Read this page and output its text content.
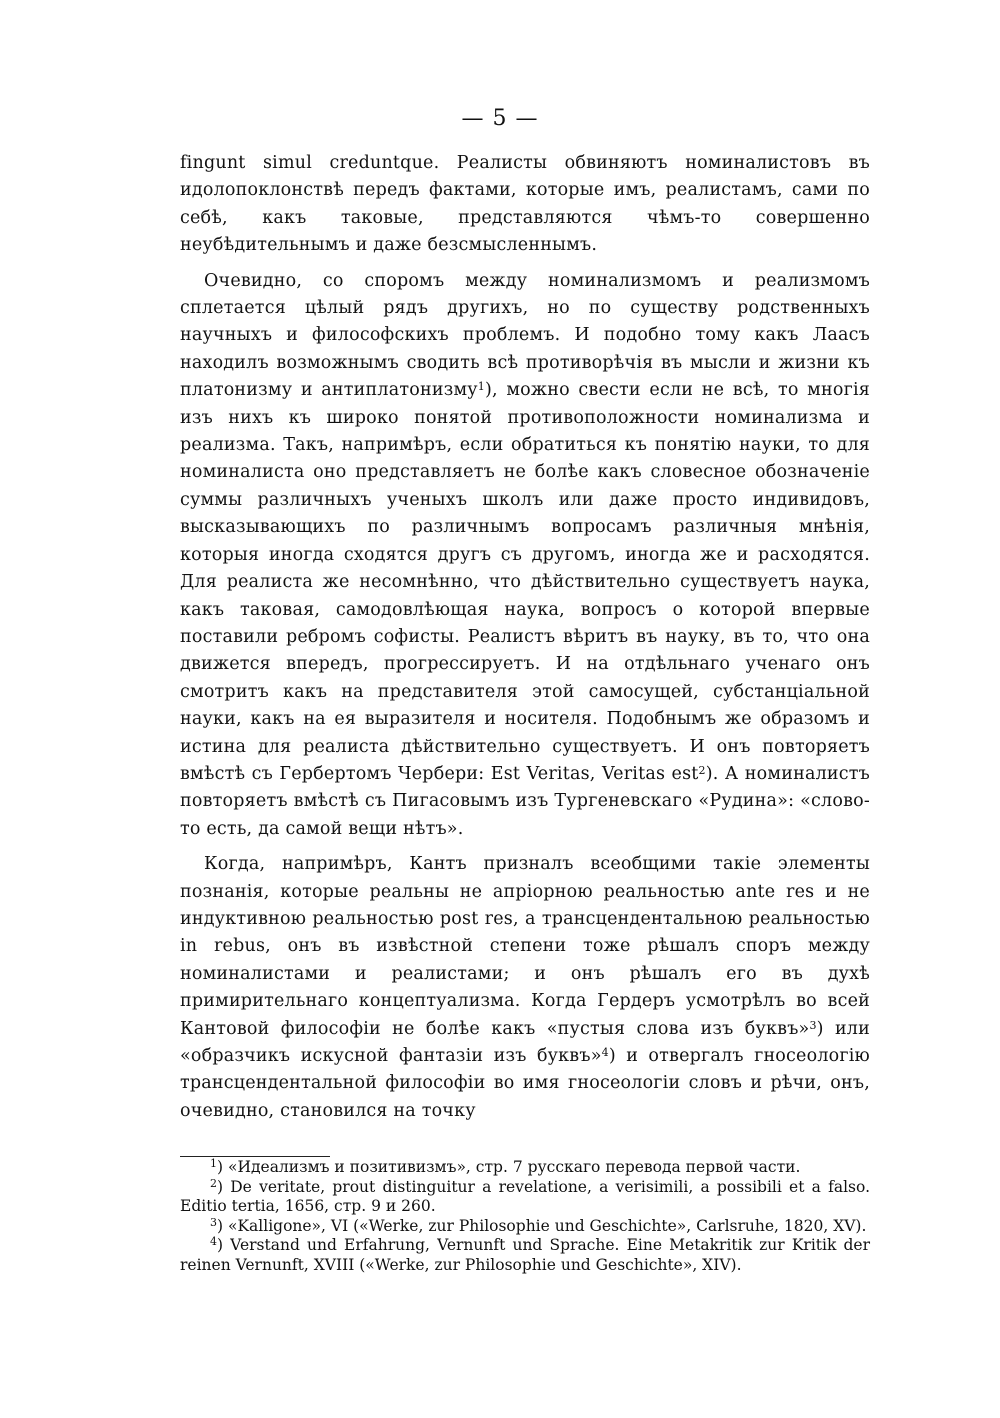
— 5 —

fingunt simul creduntque. Реалисты обвиняютъ номиналистовъ въ идолопоклонствѣ передъ фактами, которые имъ, реалистамъ, сами по себѣ, какъ таковые, представляются чѣмъ-то совершенно неубѣдительнымъ и даже безсмысленнымъ.

Очевидно, со споромъ между номинализмомъ и реализмомъ сплетается цѣлый рядъ другихъ, но по существу родственныхъ научныхъ и философскихъ проблемъ. И подобно тому какъ Лаасъ находилъ возможнымъ сводить всѣ противорѣчія въ мысли и жизни къ платонизму и антиплатонизму$^1$), можно свести если не всѣ, то многія изъ нихъ къ широко понятой противоположности номинализма и реализма. Такъ, напримѣръ, если обратиться къ понятію науки, то для номиналиста оно представляетъ не болѣе какъ словесное обозначеніе суммы различныхъ ученыхъ школъ или даже просто индивидовъ, высказывающихъ по различнымъ вопросамъ различныя мнѣнія, которыя иногда сходятся другъ съ другомъ, иногда же и расходятся. Для реалиста же несомнѣнно, что дѣйствительно существуетъ наука, какъ таковая, самодовлѣющая наука, вопросъ о которой впервые поставили ребромъ софисты. Реалистъ вѣритъ въ науку, въ то, что она движется впередъ, прогрессируетъ. И на отдѣльнаго ученаго онъ смотритъ какъ на представителя этой самосущей, субстанціальной науки, какъ на ея выразителя и носителя. Подобнымъ же образомъ и истина для реалиста дѣйствительно существуетъ. И онъ повторяетъ вмѣстѣ съ Гербертомъ Чербери: Est Veritas, Veritas est$^2$). А номиналистъ повторяетъ вмѣстѣ съ Пигасовымъ изъ Тургеневскаго «Рудина»: «слово-то есть, да самой вещи нѣтъ».

Когда, напримѣръ, Кантъ призналъ всеобщими такіе элементы познанія, которые реальны не апріорною реальностью ante res и не индуктивною реальностью post res, а трансцендентальною реальностью in rebus, онъ въ извѣстной степени тоже рѣшалъ споръ между номиналистами и реалистами; и онъ рѣшалъ его въ духѣ примирительнаго концептуализма. Когда Гердеръ усмотрѣлъ во всей Кантовой философіи не болѣе какъ «пустыя слова изъ буквъ»$^3$) или «образчикъ искусной фантазіи изъ буквъ»$^4$) и отвергалъ гносеологію трансцендентальной философіи во имя гносеологіи словъ и рѣчи, онъ, очевидно, становился на точку

$^1$) «Идеализмъ и позитивизмъ», стр. 7 русскаго перевода первой части.

$^2$) De veritate, prout distinguitur a revelatione, a verisimili, a possibili et a falso. Editio tertia, 1656, стр. 9 и 260.

$^3$) «Kalligone», VI («Werke, zur Philosophie und Geschichte», Carlsruhe, 1820, XV).

$^4$) Verstand und Erfahrung, Vernunft und Sprache. Eine Metakritik zur Kritik der reinen Vernunft, XVIII («Werke, zur Philosophie und Geschichte», XIV).
